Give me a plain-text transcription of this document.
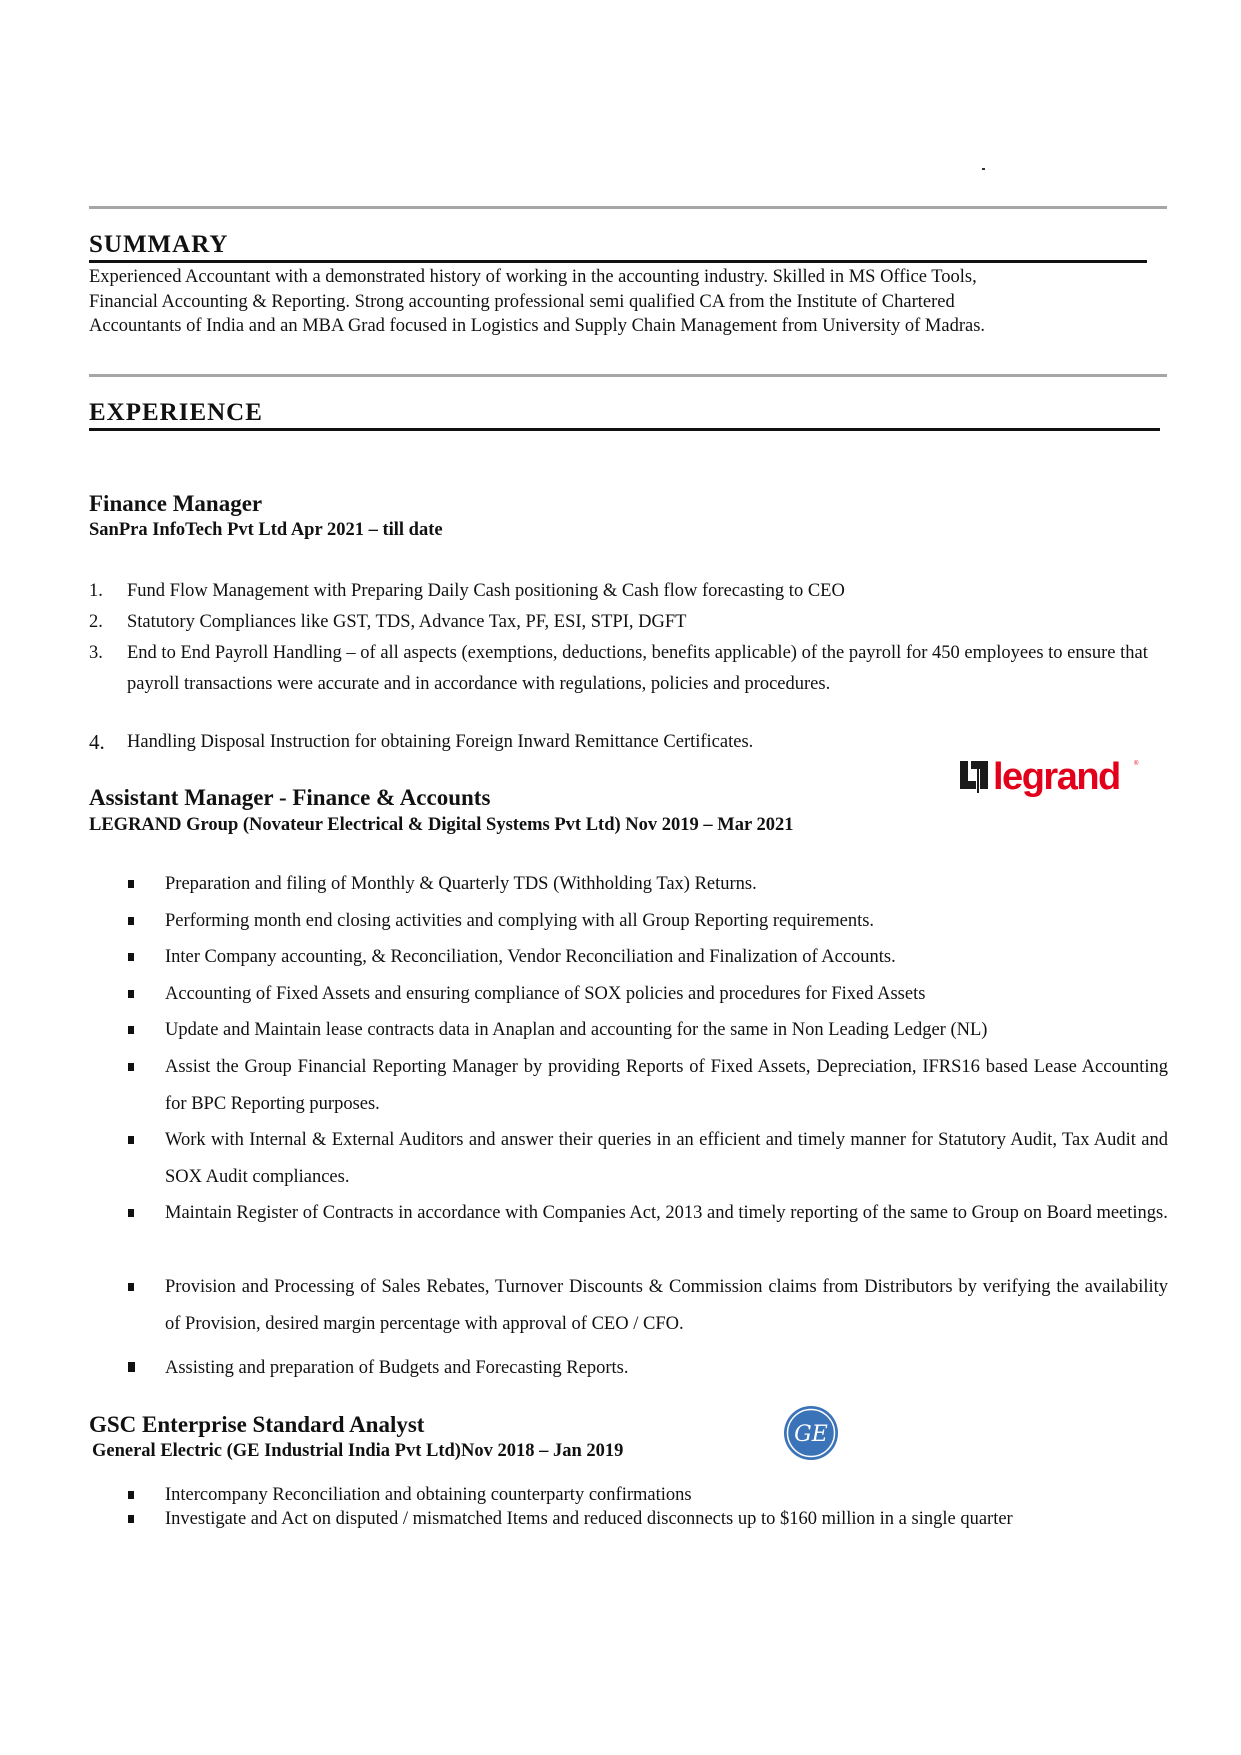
SUMMARY
Experienced Accountant with a demonstrated history of working in the accounting industry. Skilled in MS Office Tools,
Financial Accounting & Reporting. Strong accounting professional semi qualified CA from the Institute of Chartered
Accountants of India and an MBA Grad focused in Logistics and Supply Chain Management from University of Madras.
EXPERIENCE
Finance Manager
SanPra InfoTech Pvt Ltd Apr 2021 – till date
1. Fund Flow Management with Preparing Daily Cash positioning & Cash flow forecasting to CEO
2. Statutory Compliances like GST, TDS, Advance Tax, PF, ESI, STPI, DGFT
3. End to End Payroll Handling – of all aspects (exemptions, deductions, benefits applicable) of the payroll for 450 employees to ensure that payroll transactions were accurate and in accordance with regulations, policies and procedures.
4. Handling Disposal Instruction for obtaining Foreign Inward Remittance Certificates.
legrand ®
Assistant Manager - Finance & Accounts
LEGRAND Group (Novateur Electrical & Digital Systems Pvt Ltd) Nov 2019 – Mar 2021
Preparation and filing of Monthly & Quarterly TDS (Withholding Tax) Returns.
Performing month end closing activities and complying with all Group Reporting requirements.
Inter Company accounting, & Reconciliation, Vendor Reconciliation and Finalization of Accounts.
Accounting of Fixed Assets and ensuring compliance of SOX policies and procedures for Fixed Assets
Update and Maintain lease contracts data in Anaplan and accounting for the same in Non Leading Ledger (NL)
Assist the Group Financial Reporting Manager by providing Reports of Fixed Assets, Depreciation, IFRS16 based Lease Accounting for BPC Reporting purposes.
Work with Internal & External Auditors and answer their queries in an efficient and timely manner for Statutory Audit, Tax Audit and SOX Audit compliances.
Maintain Register of Contracts in accordance with Companies Act, 2013 and timely reporting of the same to Group on Board meetings.
Provision and Processing of Sales Rebates, Turnover Discounts & Commission claims from Distributors by verifying the availability of Provision, desired margin percentage with approval of CEO / CFO.
Assisting and preparation of Budgets and Forecasting Reports.
GSC Enterprise Standard Analyst
General Electric (GE Industrial India Pvt Ltd)Nov 2018 – Jan 2019
GE
Intercompany Reconciliation and obtaining counterparty confirmations
Investigate and Act on disputed / mismatched Items and reduced disconnects up to $160 million in a single quarter
